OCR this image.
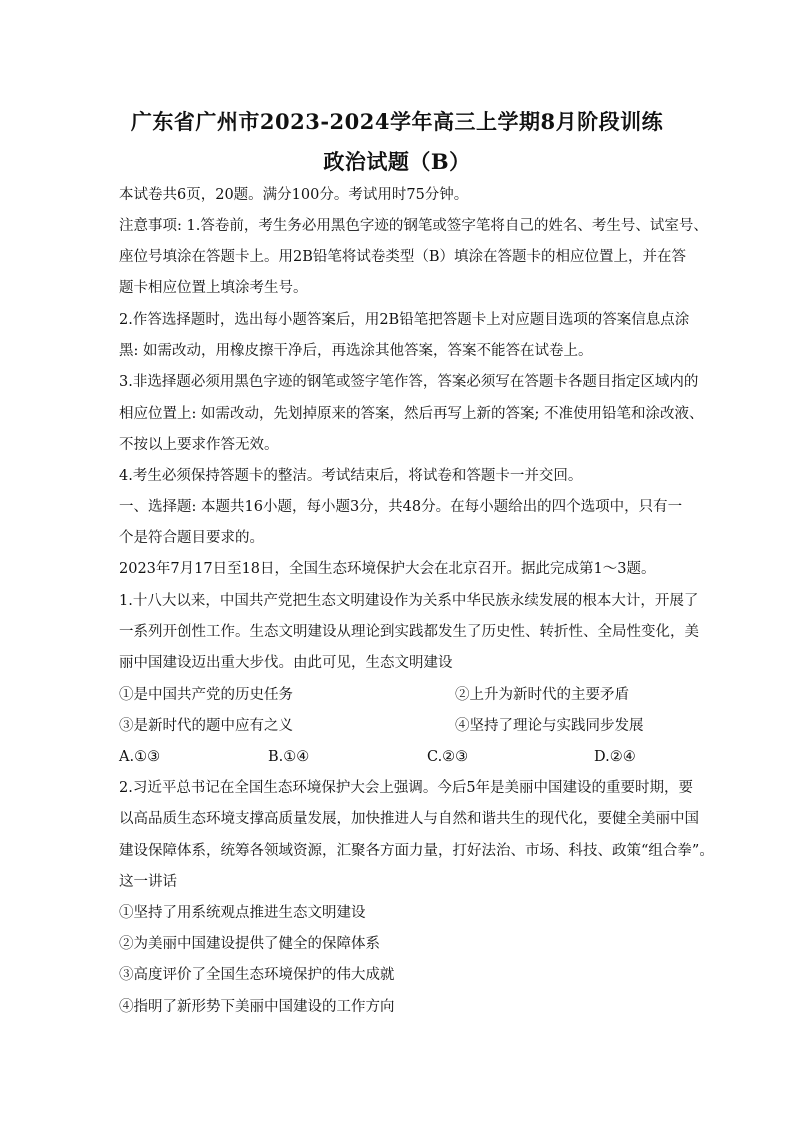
广东省广州市2023-2024学年高三上学期8月阶段训练
政治试题（B）
本试卷共6页，20题。满分100分。考试用时75分钟。
注意事项: 1.答卷前，考生务必用黑色字迹的钢笔或签字笔将自己的姓名、考生号、试室号、
座位号填涂在答题卡上。用2B铅笔将试卷类型（B）填涂在答题卡的相应位置上，并在答
题卡相应位置上填涂考生号。
2.作答选择题时，选出每小题答案后，用2B铅笔把答题卡上对应题目选项的答案信息点涂
黑: 如需改动，用橡皮擦干净后，再选涂其他答案，答案不能答在试卷上。
3.非选择题必须用黑色字迹的钢笔或签字笔作答，答案必须写在答题卡各题目指定区域内的
相应位置上: 如需改动，先划掉原来的答案，然后再写上新的答案; 不准使用铅笔和涂改液、
不按以上要求作答无效。
4.考生必须保持答题卡的整洁。考试结束后，将试卷和答题卡一并交回。
一、选择题: 本题共16小题，每小题3分，共48分。在每小题给出的四个选项中，只有一
个是符合题目要求的。
2023年7月17日至18日，全国生态环境保护大会在北京召开。据此完成第1～3题。
1.十八大以来，中国共产党把生态文明建设作为关系中华民族永续发展的根本大计，开展了
一系列开创性工作。生态文明建设从理论到实践都发生了历史性、转折性、全局性变化，美
丽中国建设迈出重大步伐。由此可见，生态文明建设
①是中国共产党的历史任务	②上升为新时代的主要矛盾
③是新时代的题中应有之义	④坚持了理论与实践同步发展
A.①③	B.①④	C.②③	D.②④
2.习近平总书记在全国生态环境保护大会上强调。今后5年是美丽中国建设的重要时期，要
以高品质生态环境支撑高质量发展，加快推进人与自然和谐共生的现代化，要健全美丽中国
建设保障体系，统筹各领域资源，汇聚各方面力量，打好法治、市场、科技、政策“组合拳”。
这一讲话
①坚持了用系统观点推进生态文明建设
②为美丽中国建设提供了健全的保障体系
③高度评价了全国生态环境保护的伟大成就
④指明了新形势下美丽中国建设的工作方向
